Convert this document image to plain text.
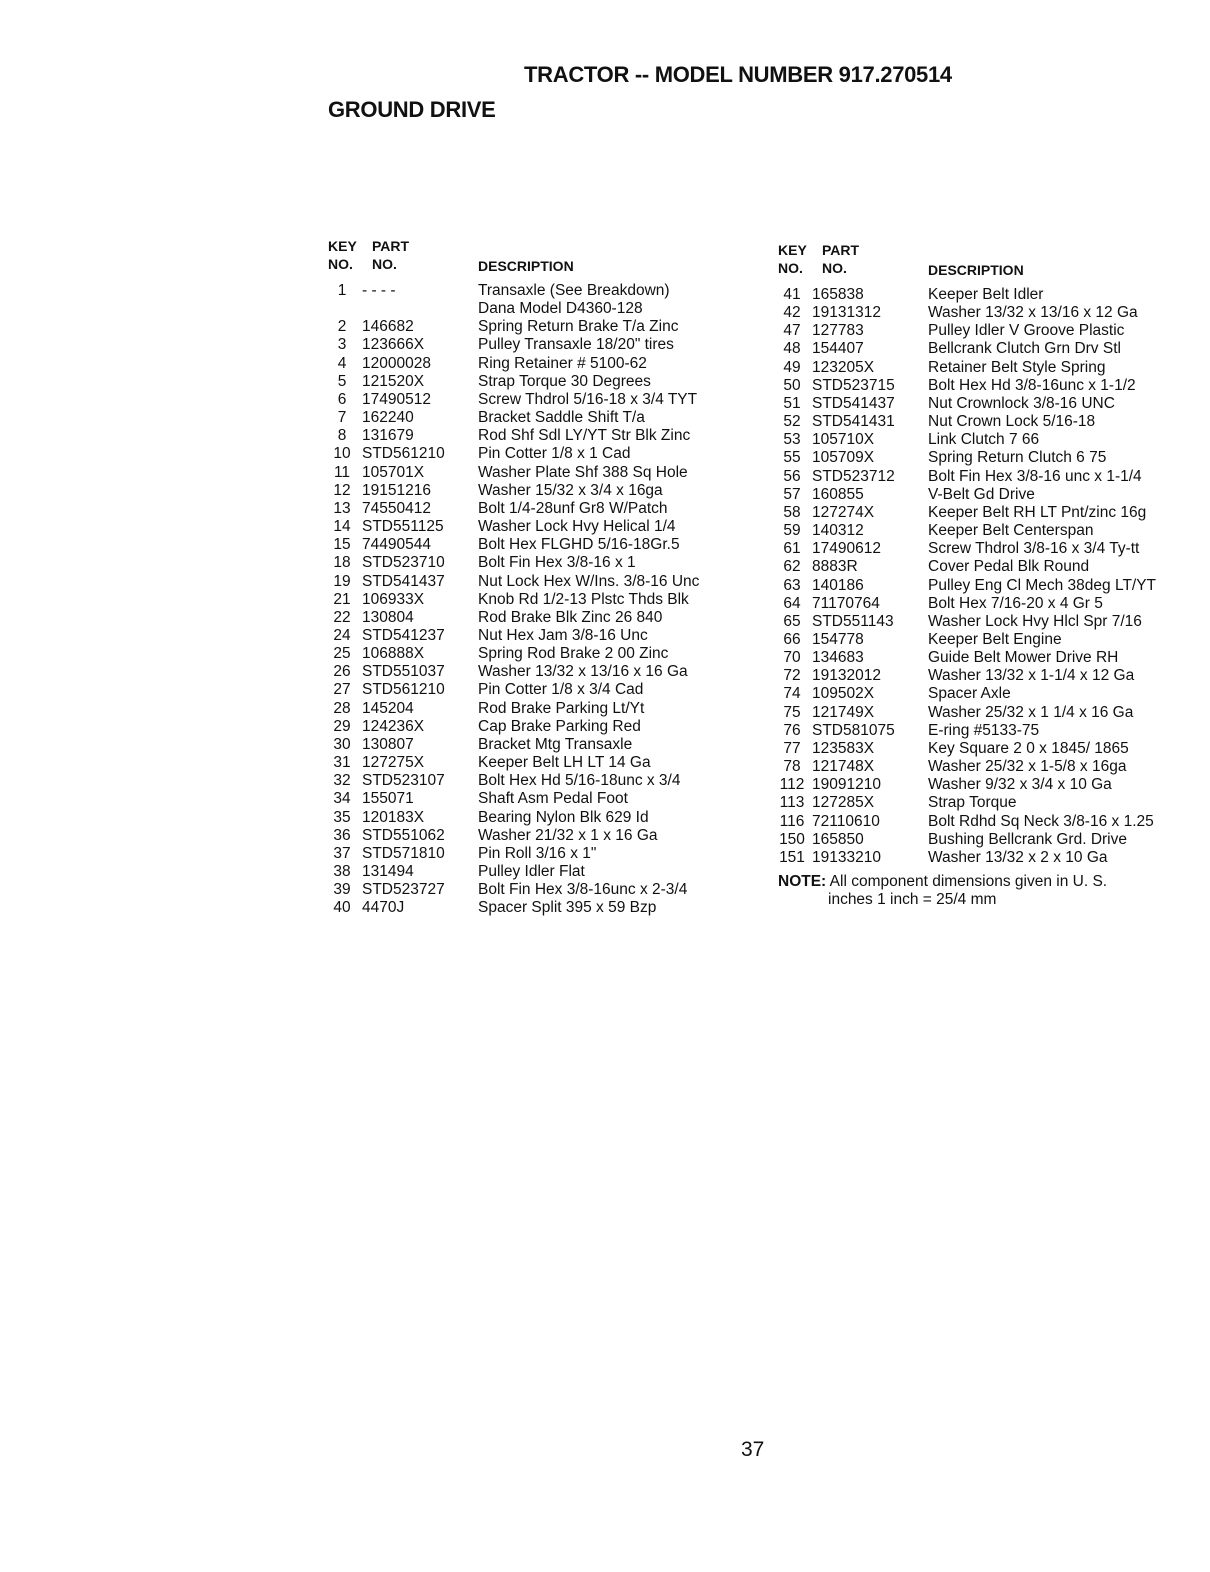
TRACTOR -- MODEL NUMBER 917.270514
GROUND DRIVE
KEY
NO.
PART
NO.	DESCRIPTION
1	- - - -	Transaxle (See Breakdown)
Dana Model D4360-128
2	146682	Spring Return Brake T/a Zinc
3	123666X	Pulley Transaxle 18/20" tires
4	12000028	Ring Retainer # 5100-62
5	121520X	Strap Torque 30 Degrees
6	17490512	Screw Thdrol 5/16-18 x 3/4 TYT
7	162240	Bracket Saddle Shift T/a
8	131679	Rod Shf Sdl LY/YT Str Blk Zinc
10 STD561210 Pin Cotter 1/8 x 1 Cad
11 105701X	Washer Plate Shf 388 Sq Hole
12 19151216	Washer 15/32 x 3/4 x 16ga
13 74550412	Bolt 1/4-28unf Gr8 W/Patch
14 STD551125 Washer Lock Hvy Helical 1/4
15 74490544	Bolt Hex FLGHD 5/16-18Gr.5
18 STD523710 Bolt Fin Hex 3/8-16 x 1
19 STD541437 Nut Lock Hex W/Ins. 3/8-16 Unc
21 106933X	Knob Rd 1/2-13 Plstc Thds Blk
22 130804	Rod Brake Blk Zinc 26 840
24 STD541237 Nut Hex Jam 3/8-16 Unc
25 106888X	Spring Rod Brake 2 00 Zinc
26 STD551037 Washer 13/32 x 13/16 x 16 Ga
27 STD561210 Pin Cotter 1/8 x 3/4 Cad
28 145204	Rod Brake Parking Lt/Yt
29 124236X	Cap Brake Parking Red
30 130807	Bracket Mtg Transaxle
31 127275X	Keeper Belt LH LT 14 Ga
32 STD523107 Bolt Hex Hd 5/16-18unc x 3/4
34 155071	Shaft Asm Pedal Foot
35 120183X	Bearing Nylon Blk 629 Id
36 STD551062 Washer 21/32 x 1 x 16 Ga
37 STD571810 Pin Roll 3/16 x 1"
38 131494	Pulley Idler Flat
39 STD523727 Bolt Fin Hex 3/8-16unc x 2-3/4
40 4470J	Spacer Split 395 x 59 Bzp
KEY
NO.
PART
NO.	DESCRIPTION
41 165838	Keeper Belt Idler
42 19131312	Washer 13/32 x 13/16 x 12 Ga
47 127783	Pulley Idler V Groove Plastic
48 154407	Bellcrank Clutch Grn Drv Stl
49 123205X	Retainer Belt Style Spring
50 STD523715 Bolt Hex Hd 3/8-16unc x 1-1/2
51 STD541437 Nut Crownlock 3/8-16 UNC
52 STD541431 Nut Crown Lock 5/16-18
53 105710X	Link Clutch 7 66
55 105709X	Spring Return Clutch 6 75
56 STD523712 Bolt Fin Hex 3/8-16 unc x 1-1/4
57 160855	V-Belt Gd Drive
58 127274X	Keeper Belt RH LT Pnt/zinc 16g
59 140312	Keeper Belt Centerspan
61 17490612	Screw Thdrol 3/8-16 x 3/4 Ty-tt
62 8883R	Cover Pedal Blk Round
63 140186	Pulley Eng Cl Mech 38deg LT/YT
64 71170764	Bolt Hex 7/16-20 x 4 Gr 5
65 STD551143 Washer Lock Hvy Hlcl Spr 7/16
66 154778	Keeper Belt Engine
70 134683	Guide Belt Mower Drive RH
72 19132012	Washer 13/32 x 1-1/4 x 12 Ga
74 109502X	Spacer Axle
75 121749X	Washer 25/32 x 1 1/4 x 16 Ga
76 STD581075 E-ring #5133-75
77 123583X	Key Square 2 0 x 1845/ 1865
78 121748X	Washer 25/32 x 1-5/8 x 16ga
112 19091210	Washer 9/32 x 3/4 x 10 Ga
113 127285X	Strap Torque
116 72110610	Bolt Rdhd Sq Neck 3/8-16 x 1.25
150 165850	Bushing Bellcrank Grd. Drive
151 19133210	Washer 13/32 x 2 x 10 Ga
NOTE: All component dimensions given in U. S.
inches 1 inch = 25/4 mm
37
